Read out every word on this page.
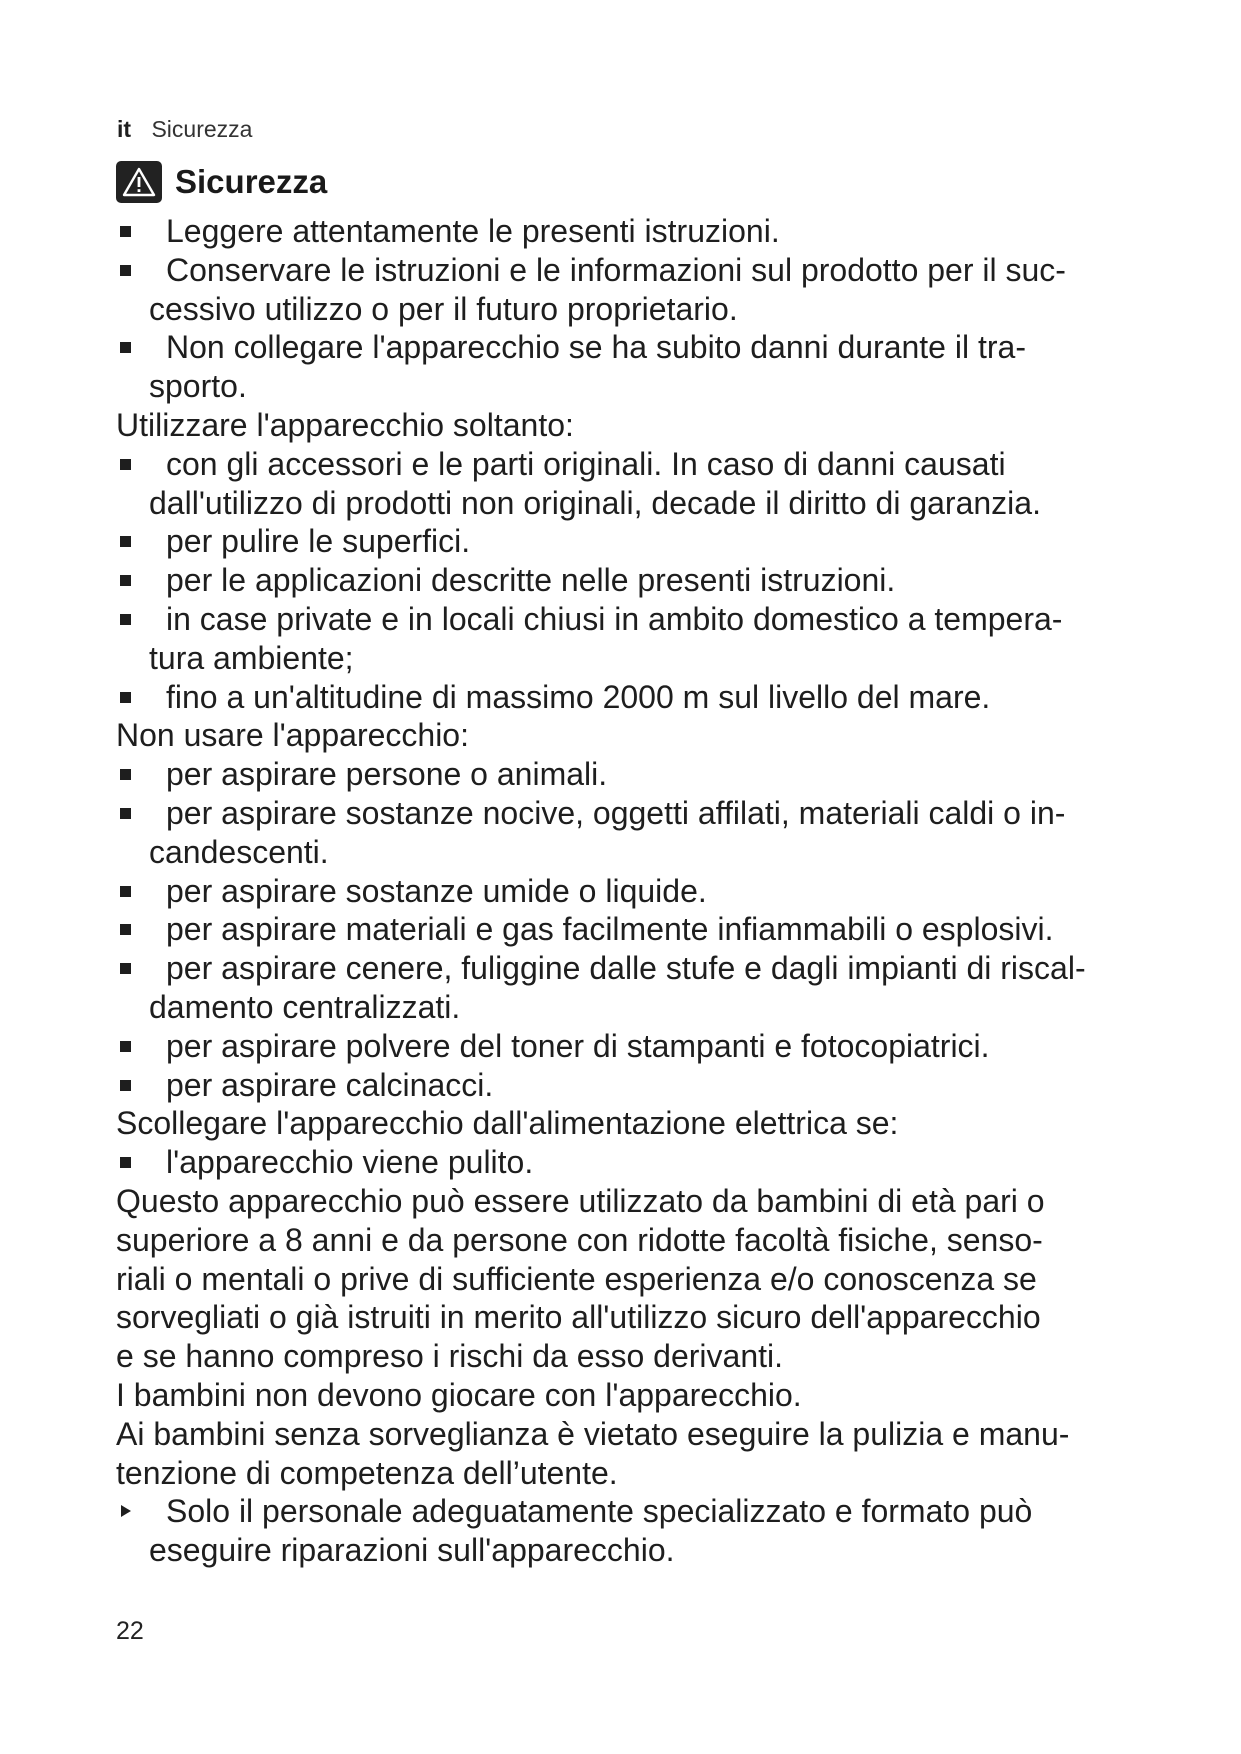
it Sicurezza
Sicurezza
Leggere attentamente le presenti istruzioni.
Conservare le istruzioni e le informazioni sul prodotto per il suc-
cessivo utilizzo o per il futuro proprietario.
Non collegare l'apparecchio se ha subito danni durante il tra-
sporto.
Utilizzare l'apparecchio soltanto:
con gli accessori e le parti originali. In caso di danni causati
dall'utilizzo di prodotti non originali, decade il diritto di garanzia.
per pulire le superfici.
per le applicazioni descritte nelle presenti istruzioni.
in case private e in locali chiusi in ambito domestico a tempera-
tura ambiente;
fino a un'altitudine di massimo 2000 m sul livello del mare.
Non usare l'apparecchio:
per aspirare persone o animali.
per aspirare sostanze nocive, oggetti affilati, materiali caldi o in-
candescenti.
per aspirare sostanze umide o liquide.
per aspirare materiali e gas facilmente infiammabili o esplosivi.
per aspirare cenere, fuliggine dalle stufe e dagli impianti di riscal-
damento centralizzati.
per aspirare polvere del toner di stampanti e fotocopiatrici.
per aspirare calcinacci.
Scollegare l'apparecchio dall'alimentazione elettrica se:
l'apparecchio viene pulito.
Questo apparecchio può essere utilizzato da bambini di età pari o
superiore a 8 anni e da persone con ridotte facoltà fisiche, senso-
riali o mentali o prive di sufficiente esperienza e/o conoscenza se
sorvegliati o già istruiti in merito all'utilizzo sicuro dell'apparecchio
e se hanno compreso i rischi da esso derivanti.
I bambini non devono giocare con l'apparecchio.
Ai bambini senza sorveglianza è vietato eseguire la pulizia e manu-
tenzione di competenza dell’utente.
Solo il personale adeguatamente specializzato e formato può
eseguire riparazioni sull'apparecchio.
22
